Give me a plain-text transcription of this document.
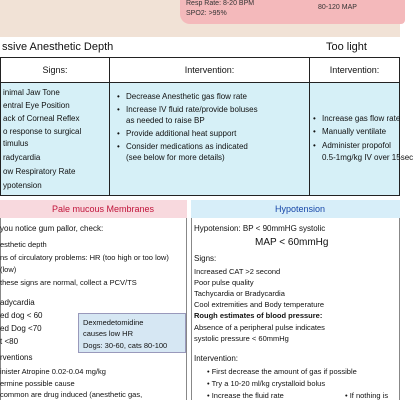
Resp Rate: 8-20 BPM
SPO2: >95%
80-120 MAP
ssive Anesthetic Depth	Too light
Signs:	Intervention:	Intervention:
inimal Jaw Tone
entral Eye Position
ack of Corneal Reflex
o response to surgical
timulus
radycardia
ow Respiratory Rate
ypotension
• Decrease Anesthetic gas flow rate
• Increase IV fluid rate/provide boluses
as needed to raise BP
• Provide additional heat support
• Consider medications as indicated
(see below for more details)
• Increase gas flow rate
• Manually ventilate
• Administer propofol
0.5-1mg/kg IV over 15sec
Pale mucous Membranes
you notice gum pallor, check:
esthetic depth
ns of circulatory problems: HR (too high or too low)
(low)
these signs are normal, collect a PCV/TS
adycardia
ed dog < 60
ed Dog <70
t <80
rventions
inister Atropine 0.02-0.04 mg/kg
ermine possible cause
common are drug induced (anesthetic gas,
Dexmedetomidine
causes low HR
Dogs: 30-60, cats 80-100
Hypotension
Hypotension: BP < 90mmHG systolic
MAP < 60mmHg
Signs:
Increased CAT >2 second
Poor pulse quality
Tachycardia or Bradycardia
Cool extremities and Body temperature
Rough estimates of blood pressure:
Absence of a peripheral pulse indicates
systolic pressure < 60mmHg
Intervention:
• First decrease the amount of gas if possible
• Try a 10-20 ml/kg crystalloid bolus
• Increase the fluid rate	• If nothing is
